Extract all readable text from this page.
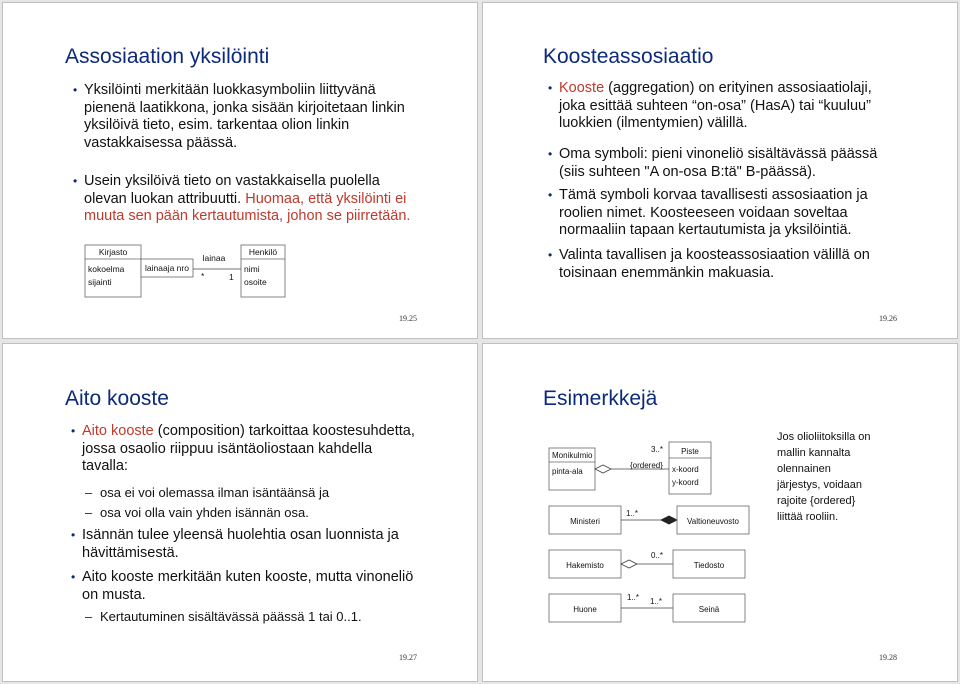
Assosiaation yksilöinti
• Yksilöinti merkitään luokkasymboliin liittyvänä pienenä laatikkona, jonka sisään kirjoitetaan linkin yksilöivä tieto, esim. tarkentaa olion linkin vastakkaisessa päässä.
• Usein yksilöivä tieto on vastakkaisella puolella olevan luokan attribuutti. Huomaa, että yksilöinti ei muuta sen pään kertautumista, johon se piirretään.
Kirjasto
kokoelma
sijainti
lainaaja nro
lainaa
*	1
Henkilö
nimi
osoite
19.25
Koosteassosiaatio
• Kooste (aggregation) on erityinen assosiaatiolaji, joka esittää suhteen “on-osa” (HasA) tai “kuuluu” luokkien (ilmentymien) välillä.
• Oma symboli: pieni vinoneliö sisältävässä päässä (siis suhteen "A on-osa B:tä" B-päässä).
• Tämä symboli korvaa tavallisesti assosiaation ja roolien nimet. Koosteeseen voidaan soveltaa normaaliin tapaan kertautumista ja yksilöintiä.
• Valinta tavallisen ja koosteassosiaation välillä on toisinaan enemmänkin makuasia.
19.26
Aito kooste
• Aito kooste (composition) tarkoittaa koostesuhdetta, jossa osaolio riippuu isäntäoliostaan kahdella tavalla:
– osa ei voi olemassa ilman isäntäänsä ja
– osa voi olla vain yhden isännän osa.
• Isännän tulee yleensä huolehtia osan luonnista ja hävittämisestä.
• Aito kooste merkitään kuten kooste, mutta vinoneliö on musta.
– Kertautuminen sisältävässä päässä 1 tai 0..1.
19.27
Esimerkkejä
Monikulmio
pinta-ala
3..*
{ordered}
Piste
x-koord
y-koord
Ministeri
1..*
Valtioneuvosto
Hakemisto
0..*
Tiedosto
Huone
1..* 1..*
Seinä
Jos olioliitoksilla on
mallin kannalta
olennainen
järjestys, voidaan
rajoite {ordered}
liittää rooliin.
19.28
